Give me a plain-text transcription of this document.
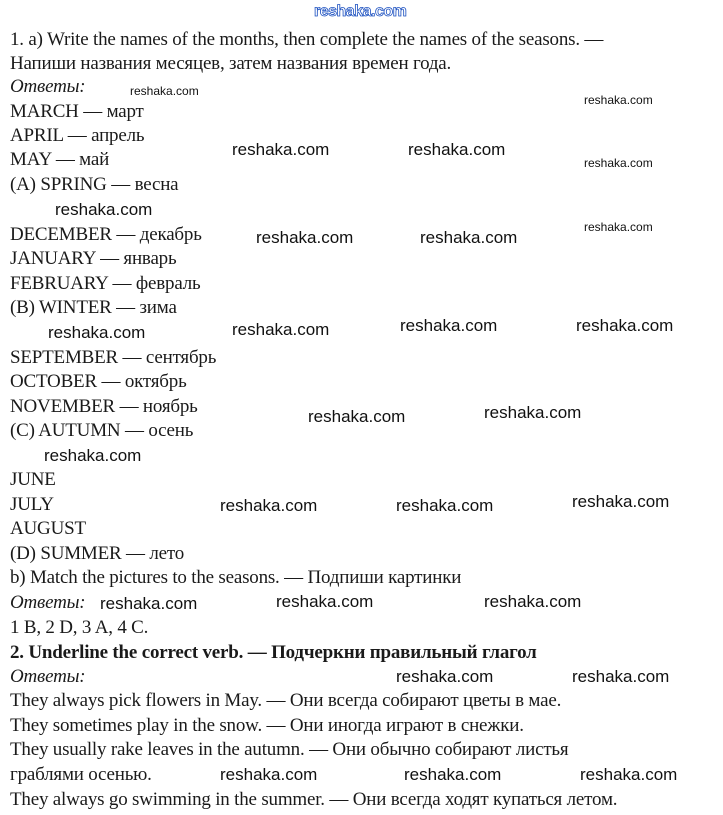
reshaka.com
1. a) Write the names of the months, then complete the names of the seasons. —
Напиши названия месяцев, затем названия времен года.
Ответы:
MARCH — март
APRIL — апрель
MAY — май
(A) SPRING — весна
DECEMBER — декабрь
JANUARY — январь
FEBRUARY — февраль
(B) WINTER — зима
SEPTEMBER — сентябрь
OCTOBER — октябрь
NOVEMBER — ноябрь
(C) AUTUMN — осень
JUNE
JULY
AUGUST
(D) SUMMER — лето
b) Match the pictures to the seasons. — Подпиши картинки
Ответы:
1 B, 2 D, 3 A, 4 C.
2. Underline the correct verb. — Подчеркни правильный глагол
Ответы:
They always pick flowers in May. — Они всегда собирают цветы в мае.
They sometimes play in the snow. — Они иногда играют в снежки.
They usually rake leaves in the autumn. — Они обычно собирают листья
граблями осенью.
They always go swimming in the summer. — Они всегда ходят купаться летом.
reshaka.com
reshaka.com
reshaka.com
reshaka.com
reshaka.com	reshaka.com
reshaka.com
reshaka.com	reshaka.com
reshaka.com	reshaka.com	reshaka.com
reshaka.com
reshaka.com	reshaka.com
reshaka.com
reshaka.com	reshaka.com	reshaka.com
reshaka.com	reshaka.com
reshaka.com
reshaka.com	reshaka.com
reshaka.com	reshaka.com	reshaka.com
